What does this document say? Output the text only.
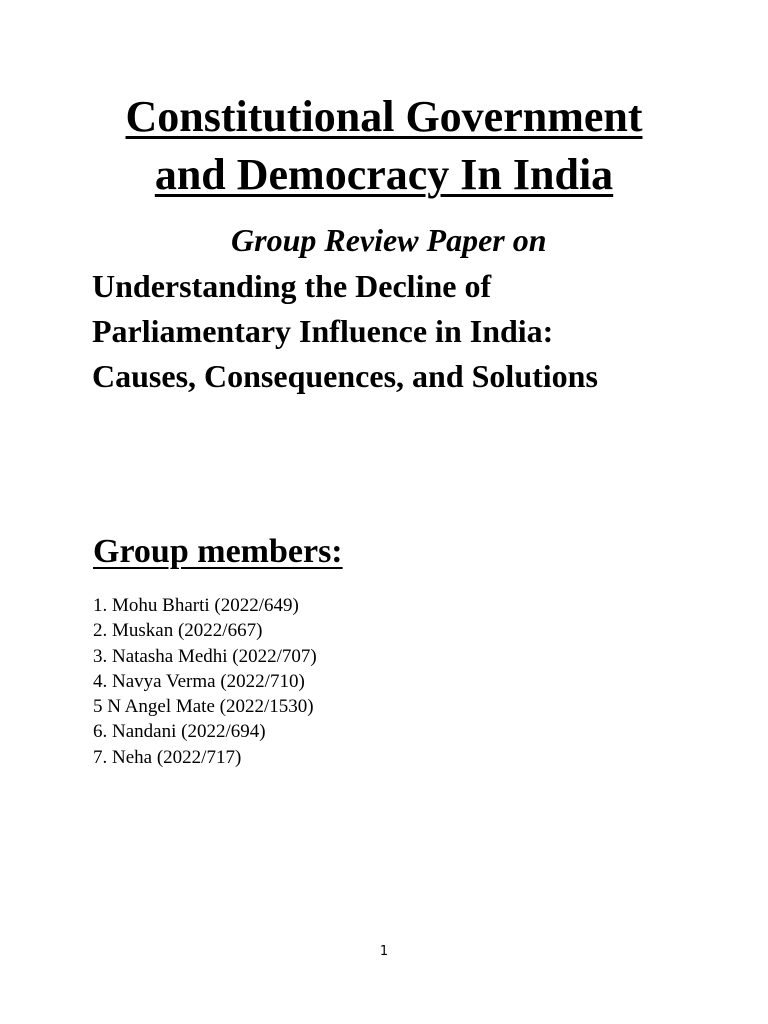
Constitutional Government
and Democracy In India

Group Review Paper on

Understanding the Decline of
Parliamentary Influence in India:
Causes, Consequences, and Solutions
Group members:
1. Mohu Bharti (2022/649)
2. Muskan (2022/667)
3. Natasha Medhi (2022/707)
4. Navya Verma (2022/710)
5 N Angel Mate (2022/1530)
6. Nandani (2022/694)
7. Neha (2022/717)
1
